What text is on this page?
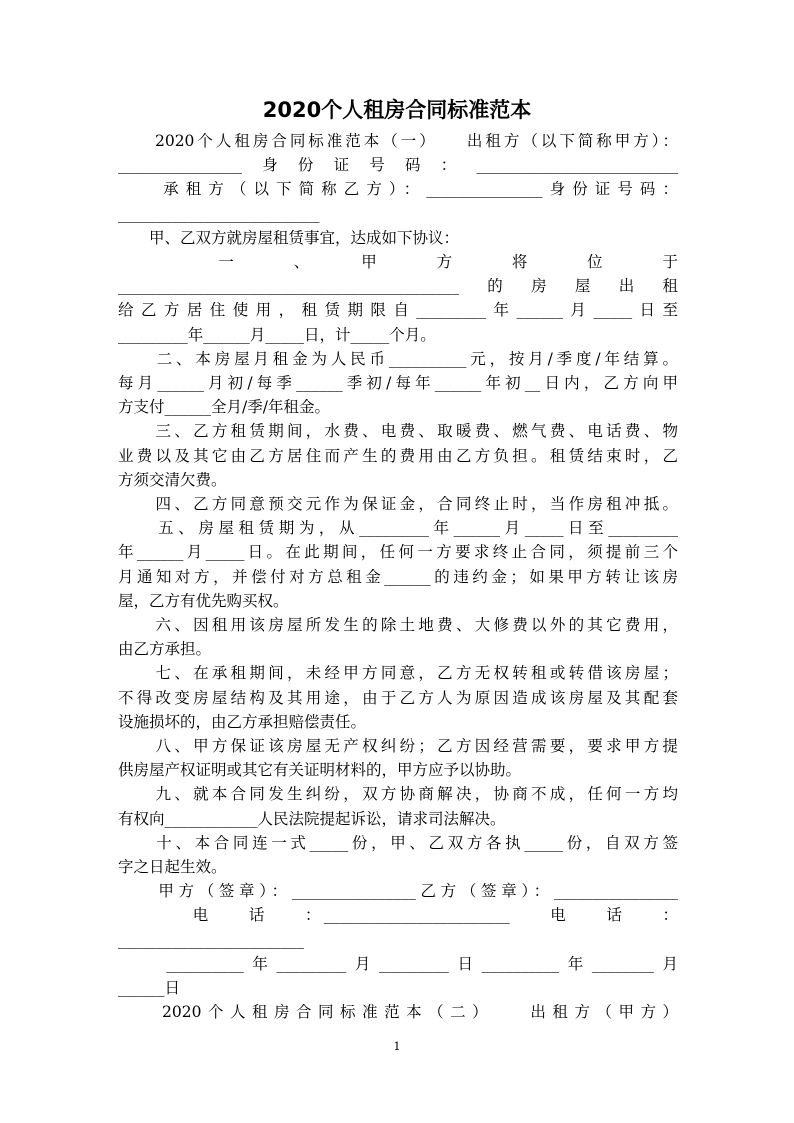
2020个人租房合同标准范本
　　2020个人租房合同标准范本（一）　　出租方（以下简称甲方）：
________________身份证号码：__________________________
　　承租方（以下简称乙方）：_______________身份证号码：
__________________________
　　甲、乙双方就房屋租赁事宜，达成如下协议：
　　　　一　　、　　甲　　方　　将　　位　　于
____________________________________________的房屋出租
给乙方居住使用，租赁期限自_________年______月_____日至
_________年______月_____日，计_____个月。
　　二、本房屋月租金为人民币__________元，按月/季度/年结算。
每月______月初/每季______季初/每年______年初__日内，乙方向甲
方支付______全月/季/年租金。
　　三、乙方租赁期间，水费、电费、取暖费、燃气费、电话费、物
业费以及其它由乙方居住而产生的费用由乙方负担。租赁结束时，乙
方须交清欠费。
　　四、乙方同意预交元作为保证金，合同终止时，当作房租冲抵。
　　五、房屋租赁期为，从_________年______月_____日至_________
年______月_____日。在此期间，任何一方要求终止合同，须提前三个
月通知对方，并偿付对方总租金______的违约金；如果甲方转让该房
屋，乙方有优先购买权。
　　六、因租用该房屋所发生的除土地费、大修费以外的其它费用，
由乙方承担。
　　七、在承租期间，未经甲方同意，乙方无权转租或转借该房屋；
不得改变房屋结构及其用途，由于乙方人为原因造成该房屋及其配套
设施损坏的，由乙方承担赔偿责任。
　　八、甲方保证该房屋无产权纠纷；乙方因经营需要，要求甲方提
供房屋产权证明或其它有关证明材料的，甲方应予以协助。
　　九、就本合同发生纠纷，双方协商解决，协商不成，任何一方均
有权向____________人民法院提起诉讼，请求司法解决。
　　十、本合同连一式_____份，甲、乙双方各执_____份，自双方签
字之日起生效。
　　甲方（签章）：________________乙方（签章）：________________
　　　　电　　话　　：________________________　　电　　话　　：
________________________
　　__________年_________月_________日__________年________月
______日
　　2020个人租房合同标准范本（二）　　出租方（甲方）
1
